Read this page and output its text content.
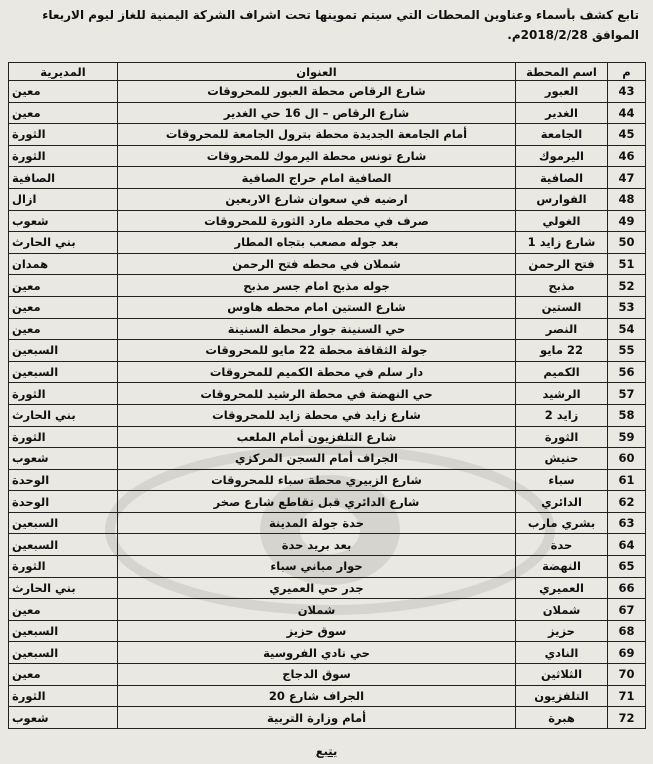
تابع كشف بأسماء وعناوين المحطات التي سيتم تموينها تحت اشراف الشركة اليمنية للغاز ليوم الاربعاء
الموافق 2018/2/28م.
م	اسم المحطة	العنوان	المديرية
43	العبور	شارع الرقاص محطة العبور للمحروقات	معين
44	الغدير	شارع الرقاص – ال 16 حي الغدير	معين
45	الجامعة	أمام الجامعة الجديدة محطة بترول الجامعة للمحروقات	الثورة
46	اليرموك	شارع تونس محطة اليرموك للمحروقات	الثورة
47	الصافية	الصافية امام حراج الصافية	الصافية
48	الفوارس	ارضيه في سعوان شارع الاربعين	ازال
49	الغولي	صرف في محطه مارد الثورة للمحروقات	شعوب
50	شارع زايد 1	بعد جوله مصعب بتجاه المطار	بني الحارث
51	فتح الرحمن	شملان في محطه فتح الرحمن	همدان
52	مذبح	جوله مذبح امام جسر مذبح	معين
53	الستين	شارع الستين امام محطه هاوس	معين
54	النصر	حي السنينة جوار محطة السنينة	معين
55	22 مايو	جولة الثقافة محطة 22 مايو للمحروقات	السبعين
56	الكميم	دار سلم في محطة الكميم للمحروقات	السبعين
57	الرشيد	حي النهضة في محطة الرشيد للمحروقات	الثورة
58	زايد 2	شارع زايد في محطة زايد للمحروقات	بني الحارث
59	الثورة	شارع التلفزيون أمام الملعب	الثورة
60	حنيش	الجراف أمام السجن المركزي	شعوب
61	سباء	شارع الزبيري محطة سباء للمحروقات	الوحدة
62	الدائري	شارع الدائري قبل تقاطع شارع صخر	الوحدة
63	بشري مارب	حدة جولة المدينة	السبعين
64	حدة	بعد بريد حدة	السبعين
65	النهضة	حوار مباني سباء	الثورة
66	العميري	جدر حي العميري	بني الحارث
67	شملان	شملان	معين
68	حزيز	سوق حزيز	السبعين
69	النادي	حي نادي الفروسية	السبعين
70	الثلاثين	سوق الدجاج	معين
71	التلفزيون	الجراف شارع 20	الثورة
72	هبرة	أمام وزارة التربية	شعوب
يتبع
